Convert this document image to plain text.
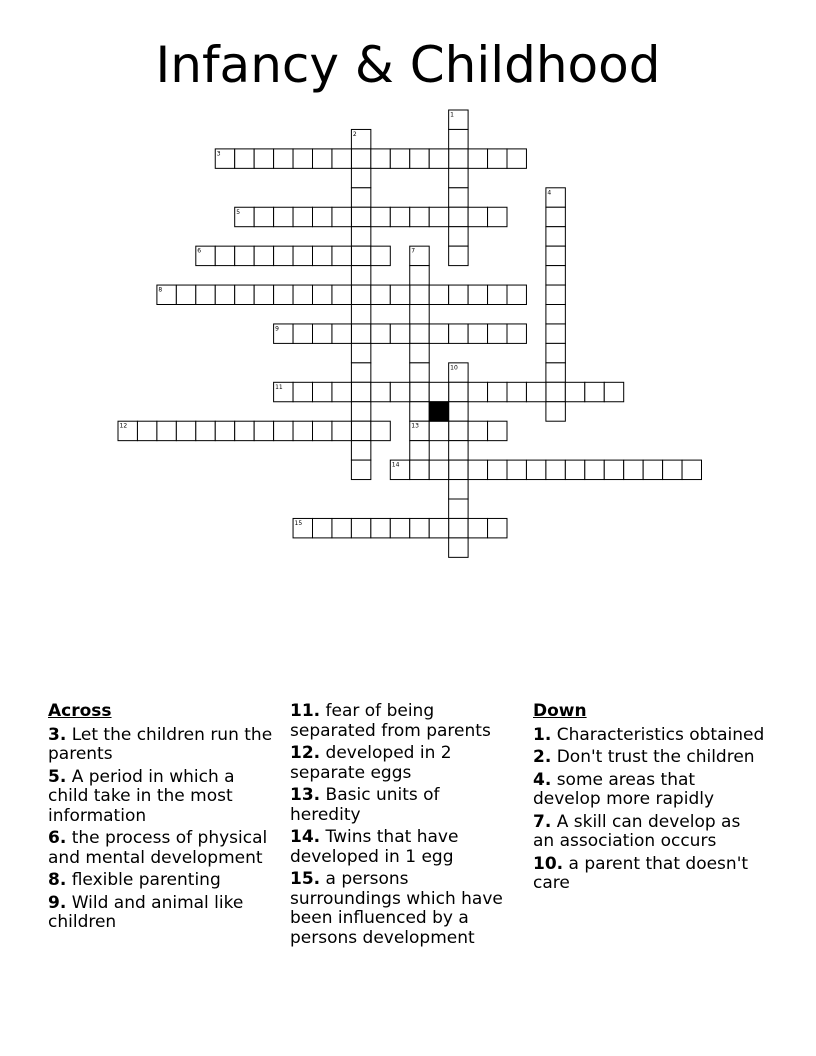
Infancy & Childhood
1
2
3
4
5
6	7
8
9
10
11
12	13
14
15
Across
3. Let the children run the parents
5. A period in which a child take in the most information
6. the process of physical and mental development
8. flexible parenting
9. Wild and animal like children
11. fear of being separated from parents
12. developed in 2 separate eggs
13. Basic units of heredity
14. Twins that have developed in 1 egg
15. a persons surroundings which have been influenced by a persons development
Down
1. Characteristics obtained
2. Don't trust the children
4. some areas that develop more rapidly
7. A skill can develop as an association occurs
10. a parent that doesn't care
